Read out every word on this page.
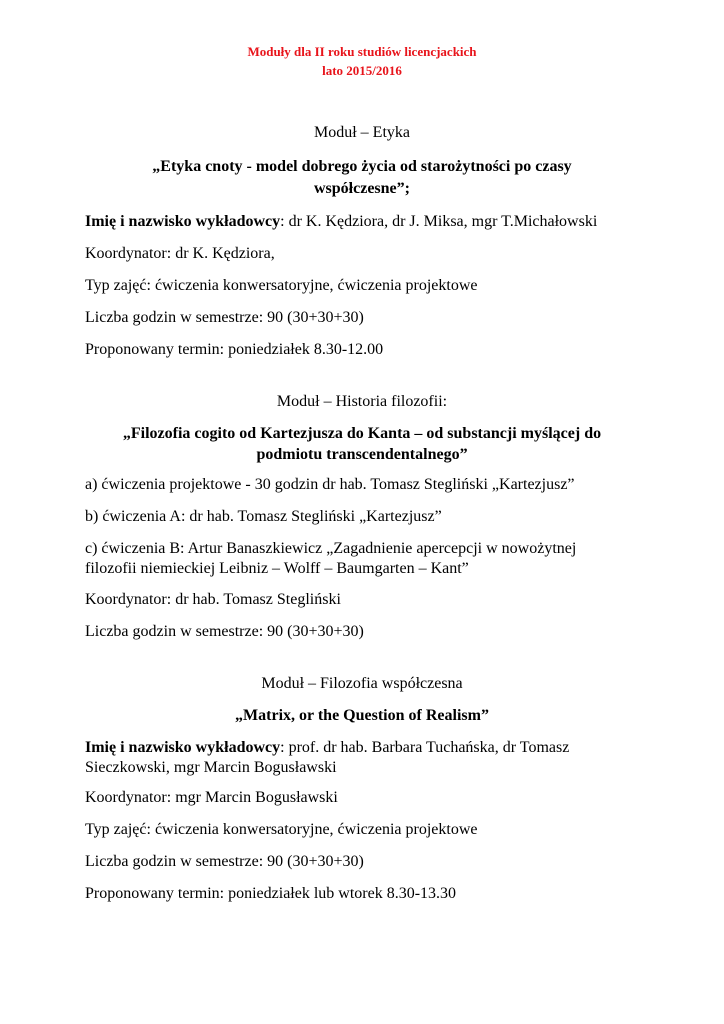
Moduły dla II roku studiów licencjackich
lato 2015/2016
Moduł – Etyka
„Etyka cnoty - model dobrego życia od starożytności po czasy
współczesne”;
Imię i nazwisko wykładowcy: dr K. Kędziora, dr J. Miksa, mgr T.Michałowski
Koordynator: dr K. Kędziora,
Typ zajęć: ćwiczenia konwersatoryjne, ćwiczenia projektowe
Liczba godzin w semestrze: 90 (30+30+30)
Proponowany termin: poniedziałek 8.30-12.00
Moduł – Historia filozofii:
„Filozofia cogito od Kartezjusza do Kanta – od substancji myślącej do
podmiotu transcendentalnego”
a) ćwiczenia projektowe - 30 godzin dr hab. Tomasz Stegliński „Kartezjusz”
b) ćwiczenia A: dr hab. Tomasz Stegliński „Kartezjusz”
c) ćwiczenia B: Artur Banaszkiewicz „Zagadnienie apercepcji w nowożytnej
filozofii niemieckiej Leibniz – Wolff – Baumgarten – Kant”
Koordynator: dr hab. Tomasz Stegliński
Liczba godzin w semestrze: 90 (30+30+30)
Moduł – Filozofia współczesna
„Matrix, or the Question of Realism”
Imię i nazwisko wykładowcy: prof. dr hab. Barbara Tuchańska, dr Tomasz
Sieczkowski, mgr Marcin Bogusławski
Koordynator: mgr Marcin Bogusławski
Typ zajęć: ćwiczenia konwersatoryjne, ćwiczenia projektowe
Liczba godzin w semestrze: 90 (30+30+30)
Proponowany termin: poniedziałek lub wtorek 8.30-13.30
